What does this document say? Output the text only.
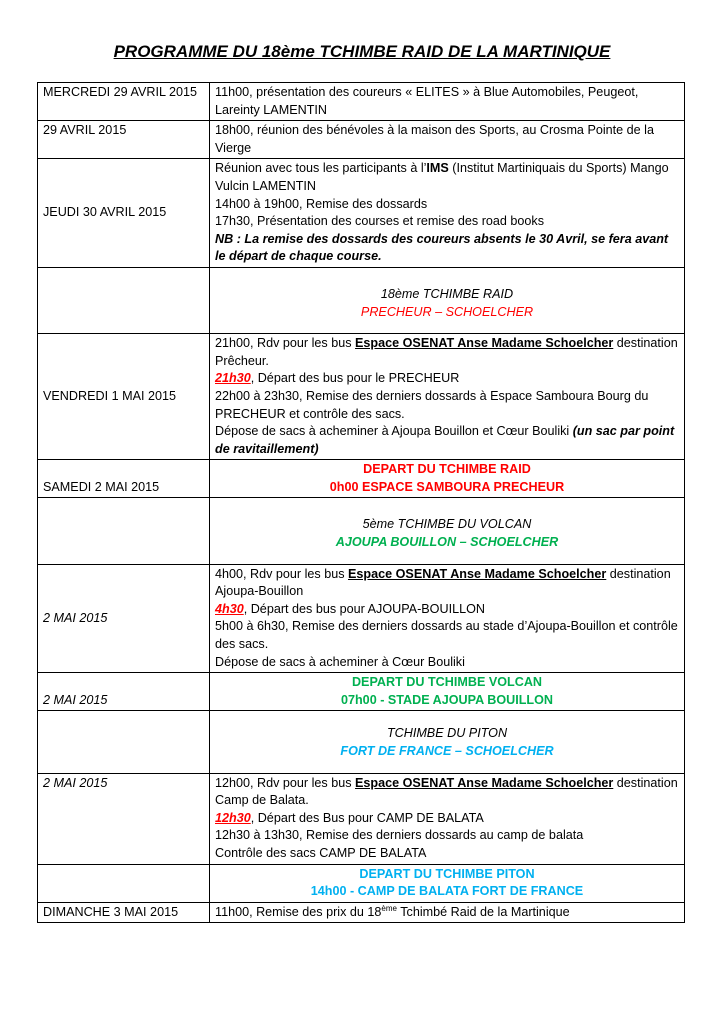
PROGRAMME DU 18ème TCHIMBE RAID DE LA MARTINIQUE
MERCREDI 29 AVRIL 2015	11h00, présentation des coureurs « ELITES » à Blue Automobiles, Peugeot, Lareinty LAMENTIN
29 AVRIL 2015	18h00, réunion des bénévoles à la maison des Sports, au Crosma Pointe de la Vierge
JEUDI 30 AVRIL 2015	Réunion avec tous les participants à l’IMS (Institut Martiniquais du Sports) Mango Vulcin LAMENTIN
14h00 à 19h00, Remise des dossards
17h30, Présentation des courses et remise des road books
NB : La remise des dossards des coureurs absents le 30 Avril, se fera avant le départ de chaque course.

	18ème TCHIMBE RAID
PRECHEUR – SCHOELCHER

VENDREDI 1 MAI 2015	21h00, Rdv pour les bus Espace OSENAT Anse Madame Schoelcher destination Prêcheur.
21h30, Départ des bus pour le PRECHEUR
22h00 à 23h30, Remise des derniers dossards à Espace Samboura Bourg du PRECHEUR et contrôle des sacs.
Dépose de sacs à acheminer à Ajoupa Bouillon et Cœur Bouliki (un sac par point de ravitaillement)

SAMEDI 2 MAI 2015	DEPART DU TCHIMBE RAID
0h00 ESPACE SAMBOURA PRECHEUR

	5ème TCHIMBE DU VOLCAN
AJOUPA BOUILLON – SCHOELCHER

2 MAI 2015	4h00, Rdv pour les bus Espace OSENAT Anse Madame Schoelcher destination Ajoupa-Bouillon
4h30, Départ des bus pour AJOUPA-BOUILLON
5h00 à 6h30, Remise des derniers dossards au stade d’Ajoupa-Bouillon et contrôle des sacs.
Dépose de sacs à acheminer à Cœur Bouliki

2 MAI 2015	DEPART DU TCHIMBE VOLCAN
07h00 - STADE AJOUPA BOUILLON

	TCHIMBE DU PITON
FORT DE FRANCE – SCHOELCHER

2 MAI 2015	12h00, Rdv pour les bus Espace OSENAT Anse Madame Schoelcher destination Camp de Balata.
12h30, Départ des Bus pour CAMP DE BALATA
12h30 à 13h30, Remise des derniers dossards au camp de balata
Contrôle des sacs CAMP DE BALATA

	DEPART DU TCHIMBE PITON
14h00 - CAMP DE BALATA FORT DE FRANCE

DIMANCHE 3 MAI 2015	11h00, Remise des prix du 18ème Tchimbé Raid de la Martinique
